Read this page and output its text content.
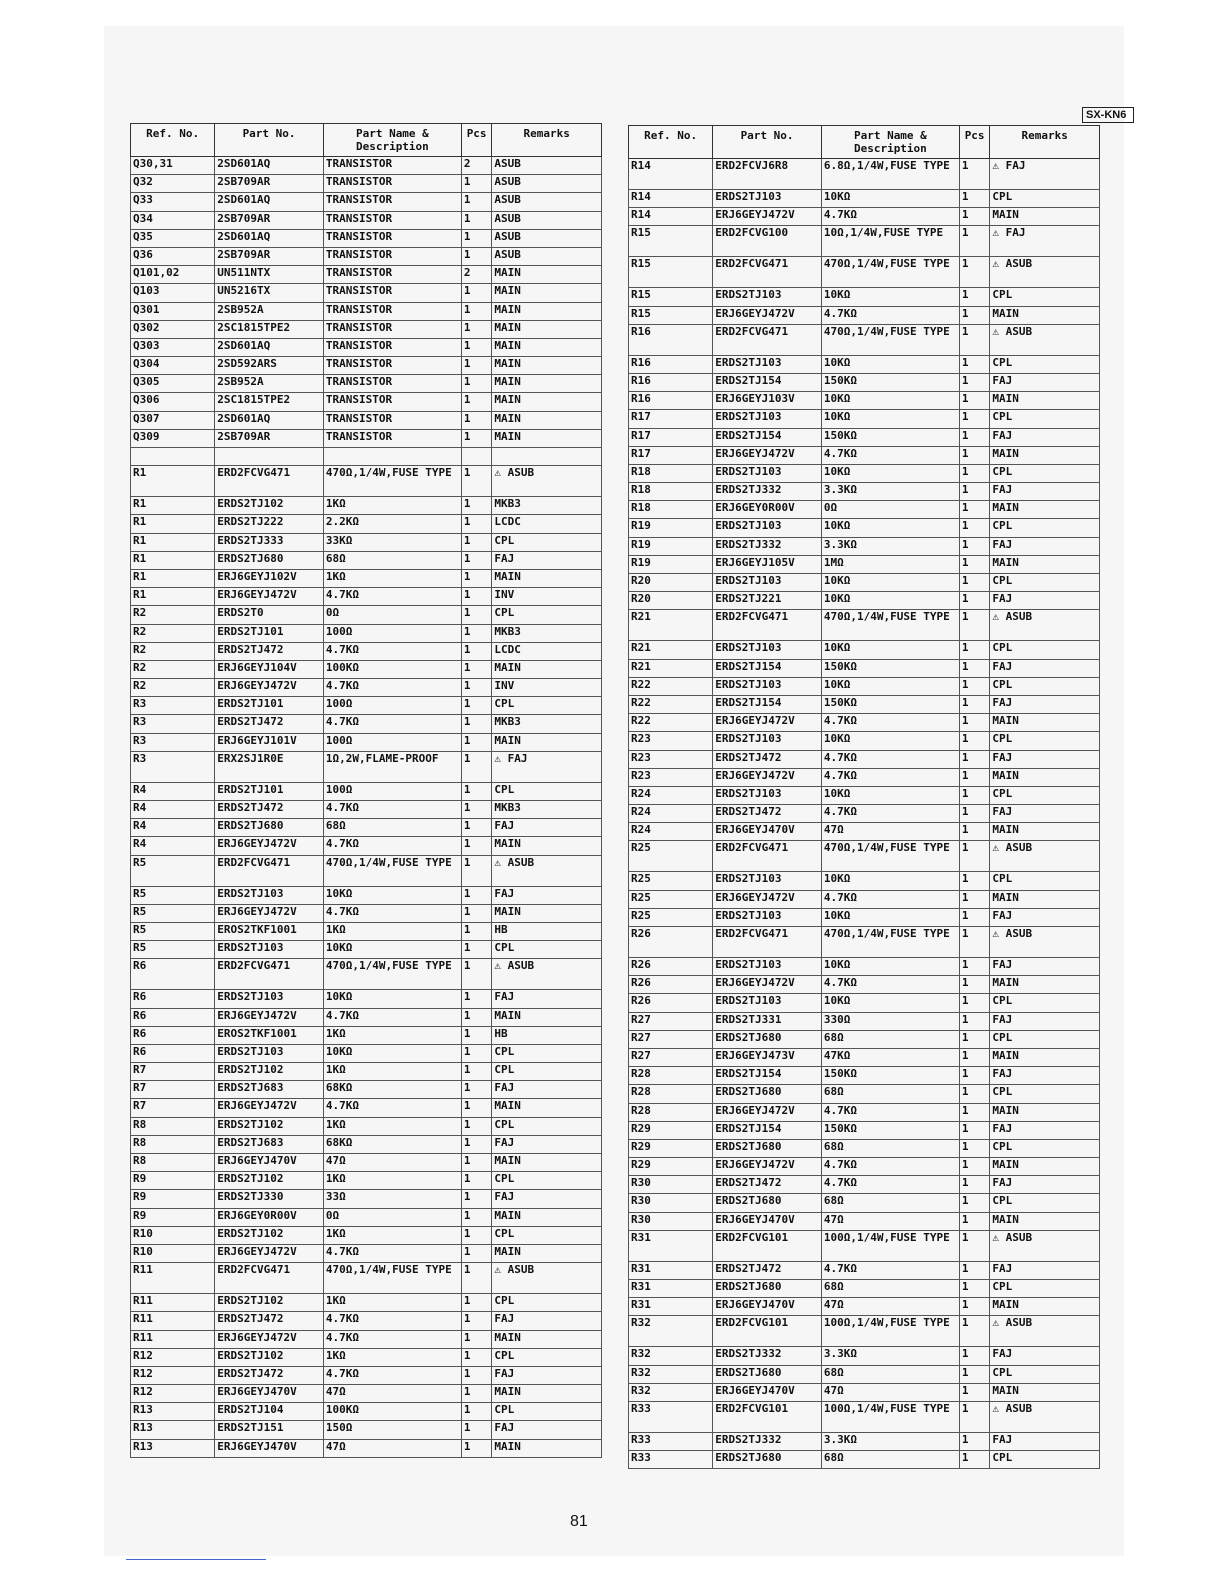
SX-KN6
Ref. No.	Part No.	Part Name & Description	Pcs	Remarks
Q30,31	2SD601AQ	TRANSISTOR	2	ASUB
Q32	2SB709AR	TRANSISTOR	1	ASUB
Q33	2SD601AQ	TRANSISTOR	1	ASUB
Q34	2SB709AR	TRANSISTOR	1	ASUB
Q35	2SD601AQ	TRANSISTOR	1	ASUB
Q36	2SB709AR	TRANSISTOR	1	ASUB
Q101,02	UN511NTX	TRANSISTOR	2	MAIN
Q103	UN5216TX	TRANSISTOR	1	MAIN
Q301	2SB952A	TRANSISTOR	1	MAIN
Q302	2SC1815TPE2	TRANSISTOR	1	MAIN
Q303	2SD601AQ	TRANSISTOR	1	MAIN
Q304	2SD592ARS	TRANSISTOR	1	MAIN
Q305	2SB952A	TRANSISTOR	1	MAIN
Q306	2SC1815TPE2	TRANSISTOR	1	MAIN
Q307	2SD601AQ	TRANSISTOR	1	MAIN
Q309	2SB709AR	TRANSISTOR	1	MAIN

R1	ERD2FCVG471	470Ω,1/4W,FUSE TYPE	1	⚠ ASUB
R1	ERDS2TJ102	1KΩ	1	MKB3
R1	ERDS2TJ222	2.2KΩ	1	LCDC
R1	ERDS2TJ333	33KΩ	1	CPL
R1	ERDS2TJ680	68Ω	1	FAJ
R1	ERJ6GEYJ102V	1KΩ	1	MAIN
R1	ERJ6GEYJ472V	4.7KΩ	1	INV
R2	ERDS2T0	0Ω	1	CPL
R2	ERDS2TJ101	100Ω	1	MKB3
R2	ERDS2TJ472	4.7KΩ	1	LCDC
R2	ERJ6GEYJ104V	100KΩ	1	MAIN
R2	ERJ6GEYJ472V	4.7KΩ	1	INV
R3	ERDS2TJ101	100Ω	1	CPL
R3	ERDS2TJ472	4.7KΩ	1	MKB3
R3	ERJ6GEYJ101V	100Ω	1	MAIN
R3	ERX2SJ1R0E	1Ω,2W,FLAME-PROOF	1	⚠ FAJ
R4	ERDS2TJ101	100Ω	1	CPL
R4	ERDS2TJ472	4.7KΩ	1	MKB3
R4	ERDS2TJ680	68Ω	1	FAJ
R4	ERJ6GEYJ472V	4.7KΩ	1	MAIN
R5	ERD2FCVG471	470Ω,1/4W,FUSE TYPE	1	⚠ ASUB
R5	ERDS2TJ103	10KΩ	1	FAJ
R5	ERJ6GEYJ472V	4.7KΩ	1	MAIN
R5	EROS2TKF1001	1KΩ	1	HB
R5	ERDS2TJ103	10KΩ	1	CPL
R6	ERD2FCVG471	470Ω,1/4W,FUSE TYPE	1	⚠ ASUB
R6	ERDS2TJ103	10KΩ	1	FAJ
R6	ERJ6GEYJ472V	4.7KΩ	1	MAIN
R6	EROS2TKF1001	1KΩ	1	HB
R6	ERDS2TJ103	10KΩ	1	CPL
R7	ERDS2TJ102	1KΩ	1	CPL
R7	ERDS2TJ683	68KΩ	1	FAJ
R7	ERJ6GEYJ472V	4.7KΩ	1	MAIN
R8	ERDS2TJ102	1KΩ	1	CPL
R8	ERDS2TJ683	68KΩ	1	FAJ
R8	ERJ6GEYJ470V	47Ω	1	MAIN
R9	ERDS2TJ102	1KΩ	1	CPL
R9	ERDS2TJ330	33Ω	1	FAJ
R9	ERJ6GEY0R00V	0Ω	1	MAIN
R10	ERDS2TJ102	1KΩ	1	CPL
R10	ERJ6GEYJ472V	4.7KΩ	1	MAIN
R11	ERD2FCVG471	470Ω,1/4W,FUSE TYPE	1	⚠ ASUB
R11	ERDS2TJ102	1KΩ	1	CPL
R11	ERDS2TJ472	4.7KΩ	1	FAJ
R11	ERJ6GEYJ472V	4.7KΩ	1	MAIN
R12	ERDS2TJ102	1KΩ	1	CPL
R12	ERDS2TJ472	4.7KΩ	1	FAJ
R12	ERJ6GEYJ470V	47Ω	1	MAIN
R13	ERDS2TJ104	100KΩ	1	CPL
R13	ERDS2TJ151	150Ω	1	FAJ
R13	ERJ6GEYJ470V	47Ω	1	MAIN
Ref. No.	Part No.	Part Name & Description	Pcs	Remarks
R14	ERD2FCVJ6R8	6.8Ω,1/4W,FUSE TYPE	1	⚠ FAJ
R14	ERDS2TJ103	10KΩ	1	CPL
R14	ERJ6GEYJ472V	4.7KΩ	1	MAIN
R15	ERD2FCVG100	10Ω,1/4W,FUSE TYPE	1	⚠ FAJ
R15	ERD2FCVG471	470Ω,1/4W,FUSE TYPE	1	⚠ ASUB
R15	ERDS2TJ103	10KΩ	1	CPL
R15	ERJ6GEYJ472V	4.7KΩ	1	MAIN
R16	ERD2FCVG471	470Ω,1/4W,FUSE TYPE	1	⚠ ASUB
R16	ERDS2TJ103	10KΩ	1	CPL
R16	ERDS2TJ154	150KΩ	1	FAJ
R16	ERJ6GEYJ103V	10KΩ	1	MAIN
R17	ERDS2TJ103	10KΩ	1	CPL
R17	ERDS2TJ154	150KΩ	1	FAJ
R17	ERJ6GEYJ472V	4.7KΩ	1	MAIN
R18	ERDS2TJ103	10KΩ	1	CPL
R18	ERDS2TJ332	3.3KΩ	1	FAJ
R18	ERJ6GEY0R00V	0Ω	1	MAIN
R19	ERDS2TJ103	10KΩ	1	CPL
R19	ERDS2TJ332	3.3KΩ	1	FAJ
R19	ERJ6GEYJ105V	1MΩ	1	MAIN
R20	ERDS2TJ103	10KΩ	1	CPL
R20	ERDS2TJ221	10KΩ	1	FAJ
R21	ERD2FCVG471	470Ω,1/4W,FUSE TYPE	1	⚠ ASUB
R21	ERDS2TJ103	10KΩ	1	CPL
R21	ERDS2TJ154	150KΩ	1	FAJ
R22	ERDS2TJ103	10KΩ	1	CPL
R22	ERDS2TJ154	150KΩ	1	FAJ
R22	ERJ6GEYJ472V	4.7KΩ	1	MAIN
R23	ERDS2TJ103	10KΩ	1	CPL
R23	ERDS2TJ472	4.7KΩ	1	FAJ
R23	ERJ6GEYJ472V	4.7KΩ	1	MAIN
R24	ERDS2TJ103	10KΩ	1	CPL
R24	ERDS2TJ472	4.7KΩ	1	FAJ
R24	ERJ6GEYJ470V	47Ω	1	MAIN
R25	ERD2FCVG471	470Ω,1/4W,FUSE TYPE	1	⚠ ASUB
R25	ERDS2TJ103	10KΩ	1	CPL
R25	ERJ6GEYJ472V	4.7KΩ	1	MAIN
R25	ERDS2TJ103	10KΩ	1	FAJ
R26	ERD2FCVG471	470Ω,1/4W,FUSE TYPE	1	⚠ ASUB
R26	ERDS2TJ103	10KΩ	1	FAJ
R26	ERJ6GEYJ472V	4.7KΩ	1	MAIN
R26	ERDS2TJ103	10KΩ	1	CPL
R27	ERDS2TJ331	330Ω	1	FAJ
R27	ERDS2TJ680	68Ω	1	CPL
R27	ERJ6GEYJ473V	47KΩ	1	MAIN
R28	ERDS2TJ154	150KΩ	1	FAJ
R28	ERDS2TJ680	68Ω	1	CPL
R28	ERJ6GEYJ472V	4.7KΩ	1	MAIN
R29	ERDS2TJ154	150KΩ	1	FAJ
R29	ERDS2TJ680	68Ω	1	CPL
R29	ERJ6GEYJ472V	4.7KΩ	1	MAIN
R30	ERDS2TJ472	4.7KΩ	1	FAJ
R30	ERDS2TJ680	68Ω	1	CPL
R30	ERJ6GEYJ470V	47Ω	1	MAIN
R31	ERD2FCVG101	100Ω,1/4W,FUSE TYPE	1	⚠ ASUB
R31	ERDS2TJ472	4.7KΩ	1	FAJ
R31	ERDS2TJ680	68Ω	1	CPL
R31	ERJ6GEYJ470V	47Ω	1	MAIN
R32	ERD2FCVG101	100Ω,1/4W,FUSE TYPE	1	⚠ ASUB
R32	ERDS2TJ332	3.3KΩ	1	FAJ
R32	ERDS2TJ680	68Ω	1	CPL
R32	ERJ6GEYJ470V	47Ω	1	MAIN
R33	ERD2FCVG101	100Ω,1/4W,FUSE TYPE	1	⚠ ASUB
R33	ERDS2TJ332	3.3KΩ	1	FAJ
R33	ERDS2TJ680	68Ω	1	CPL
81
